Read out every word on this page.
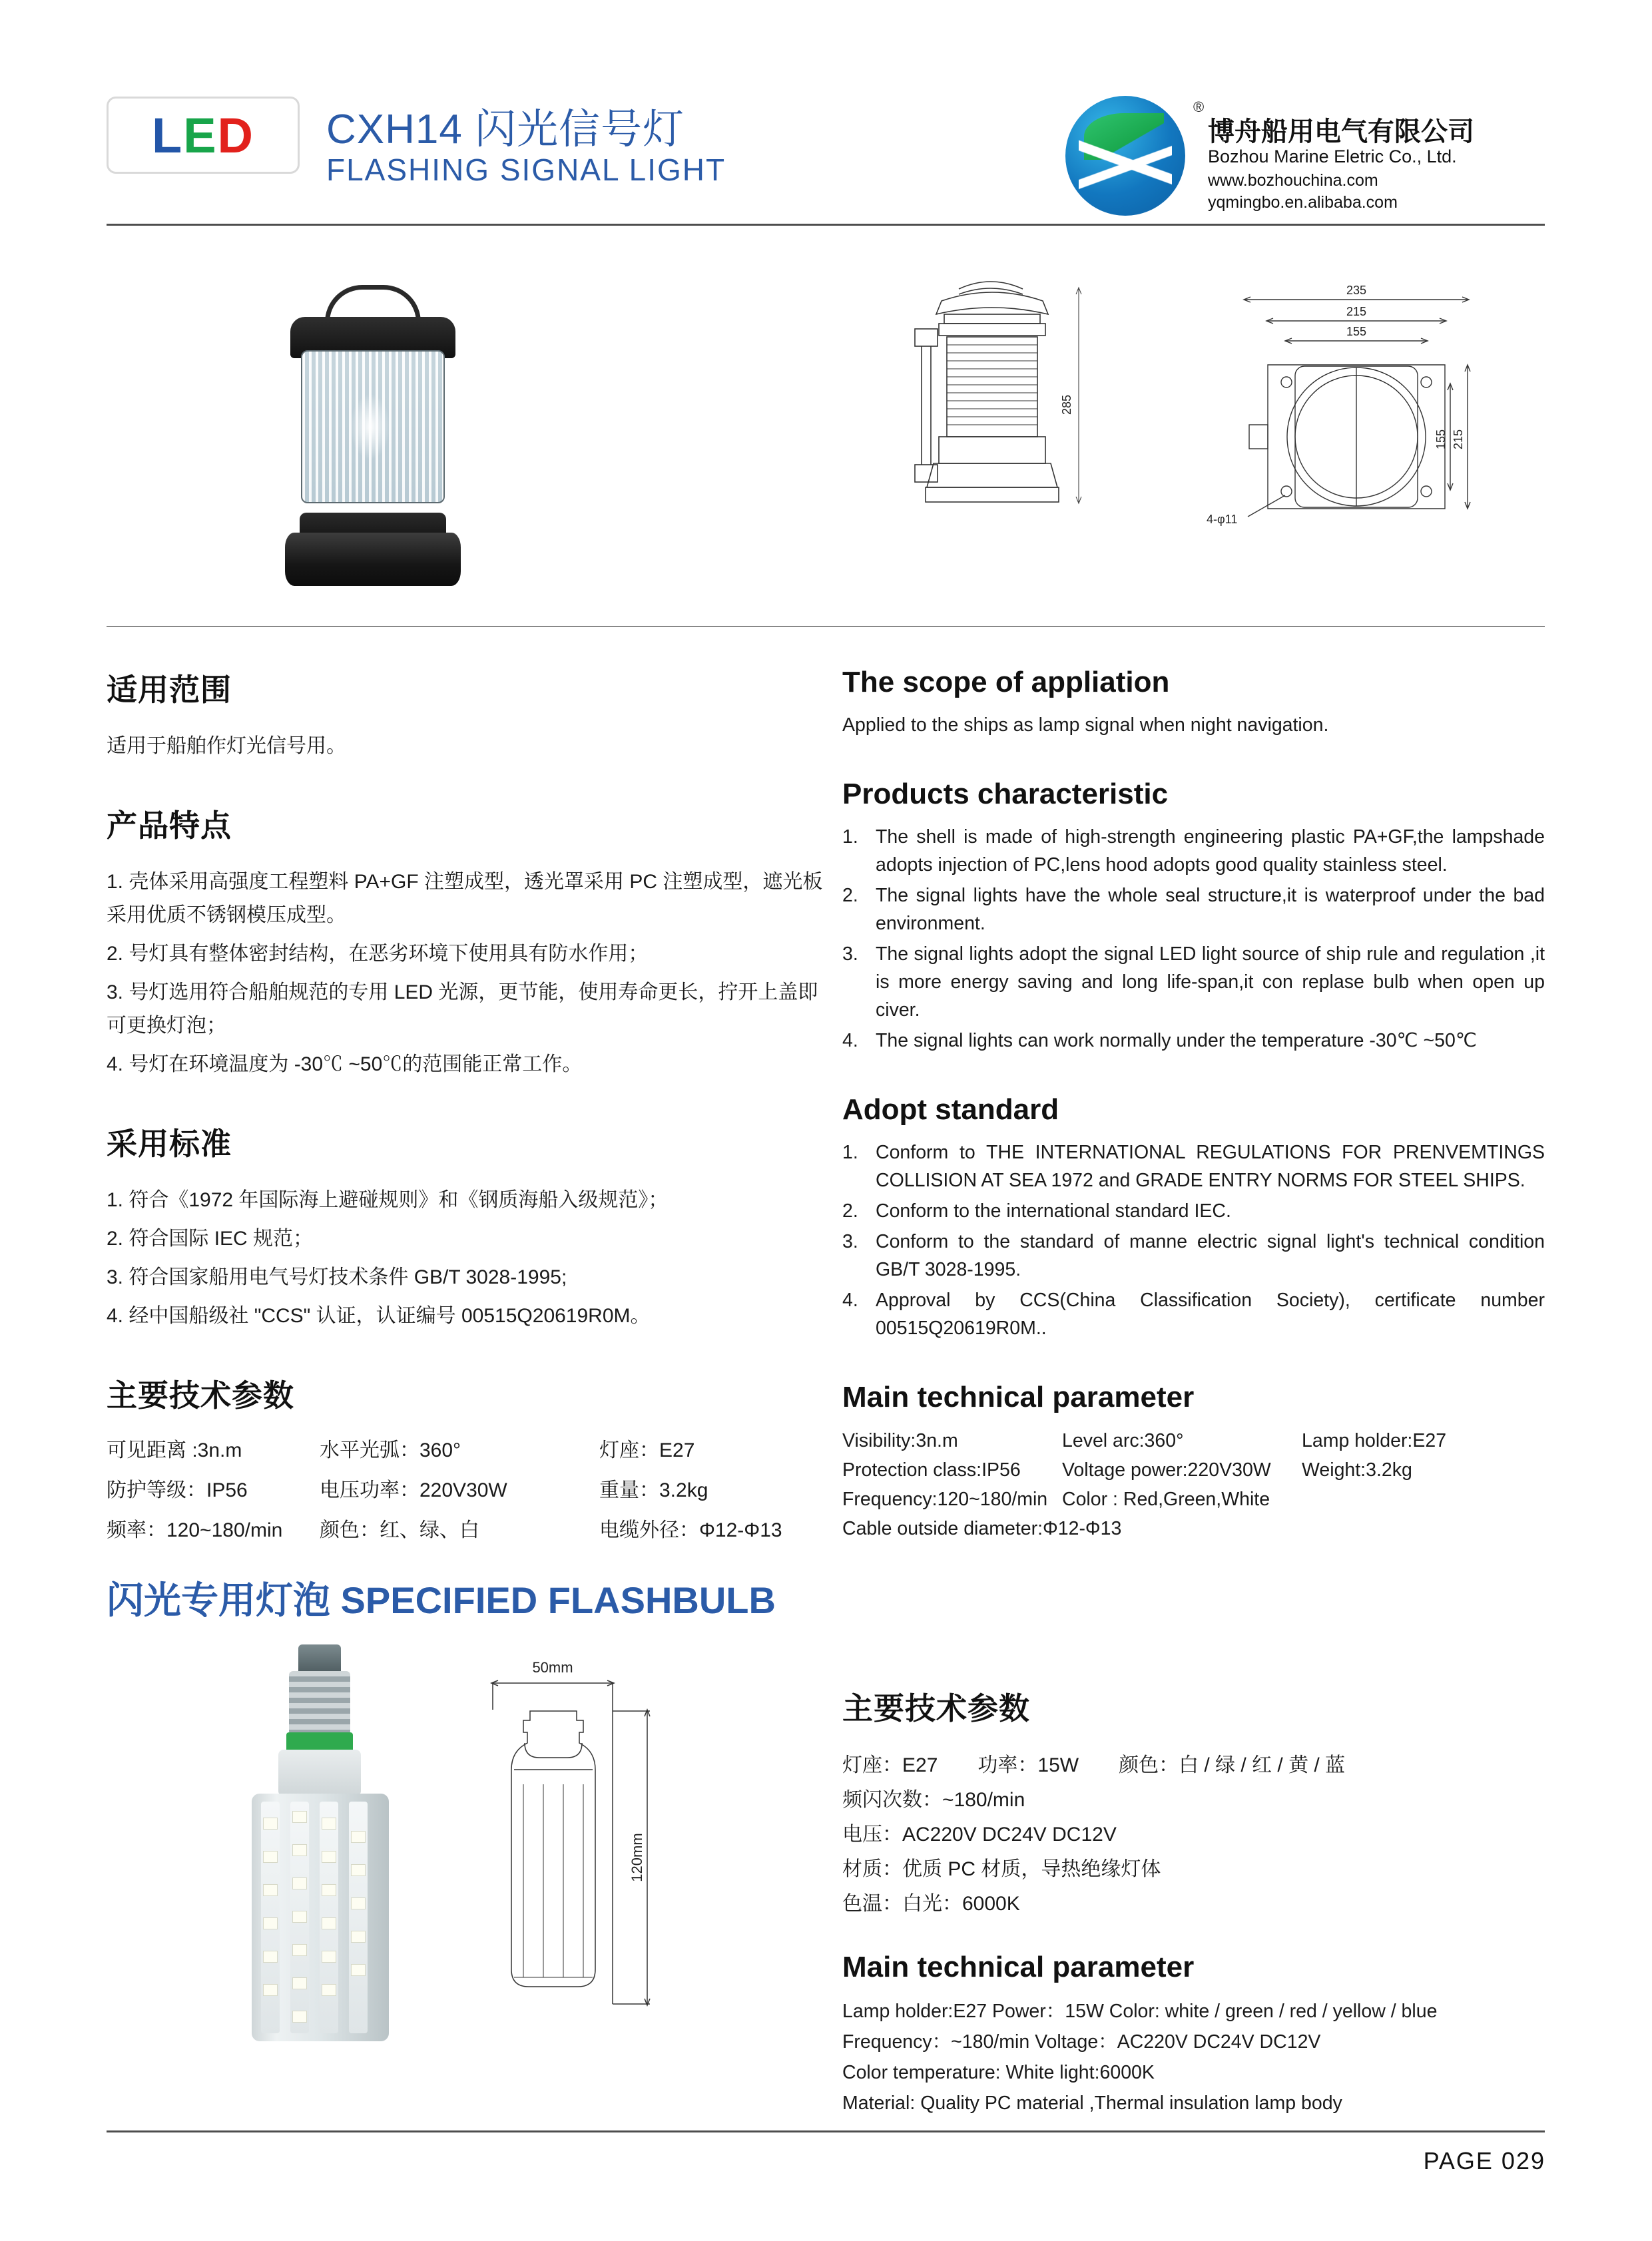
L E D CXH14 闪光信号灯
FLASHING SIGNAL LIGHT
®
博舟船用电气有限公司
Bozhou Marine Eletric Co., Ltd.
www.bozhouchina.com
yqmingbo.en.alibaba.com
285
235
215
155
215
155
4-φ11
适用范围

适用于船舶作灯光信号用。

产品特点

1. 壳体采用高强度工程塑料 PA+GF 注塑成型，透光罩采用 PC 注塑成型，遮光板采用优质不锈钢模压成型。

2. 号灯具有整体密封结构，在恶劣环境下使用具有防水作用；

3. 号灯选用符合船舶规范的专用 LED 光源，更节能，使用寿命更长，拧开上盖即可更换灯泡；

4. 号灯在环境温度为 -30℃ ~50℃的范围能正常工作。

采用标准

1. 符合《1972 年国际海上避碰规则》和《钢质海船入级规范》；

2. 符合国际 IEC 规范；

3. 符合国家船用电气号灯技术条件 GB/T 3028-1995;

4. 经中国船级社 "CCS" 认证，认证编号 00515Q20619R0M。

主要技术参数
可见距离 :3n.m	水平光弧：360°	灯座：E27
防护等级：IP56	电压功率：220V30W	重量：3.2kg
频率：120~180/min	颜色：红、绿、白	电缆外径：Φ12-Φ13
The scope of appliation

Applied to the ships as lamp signal when night navigation.

Products characteristic
1. The shell is made of high-strength engineering plastic PA+GF,the lampshade adopts injection of PC,lens hood adopts good quality stainless steel.
2. The signal lights have the whole seal structure,it is waterproof under the bad environment.
3. The signal lights adopt the signal LED light source of ship rule and regulation ,it is more energy saving and long life-span,it con replase bulb when open up civer.
4. The signal lights can work normally under the temperature -30℃ ~50℃
Adopt standard
1. Conform to THE INTERNATIONAL REGULATIONS FOR PRENVEMTINGS COLLISION AT SEA 1972 and GRADE ENTRY NORMS FOR STEEL SHIPS.
2. Conform to the international standard IEC.
3. Conform to the standard of manne electric signal light's technical condition GB/T 3028-1995.
4. Approval by CCS(China Classification Society), certificate number 00515Q20619R0M..
Main technical parameter
Visibility:3n.m	Level arc:360°	Lamp holder:E27
Protection class:IP56	Voltage power:220V30W	Weight:3.2kg
Frequency:120~180/min Color : Red,Green,White
Cable outside diameter:Φ12-Φ13
闪光专用灯泡 SPECIFIED FLASHBULB
50mm
120mm
主要技术参数
灯座：E27 功率：15W 颜色：白 / 绿 / 红 / 黄 / 蓝
频闪次数：~180/min
电压：AC220V DC24V DC12V
材质：优质 PC 材质，导热绝缘灯体
色温：白光：6000K
Main technical parameter
Lamp holder:E27 Power：15W Color: white / green / red / yellow / blue
Frequency：~180/min Voltage：AC220V DC24V DC12V
Color temperature: White light:6000K
Material: Quality PC material ,Thermal insulation lamp body
PAGE 029
